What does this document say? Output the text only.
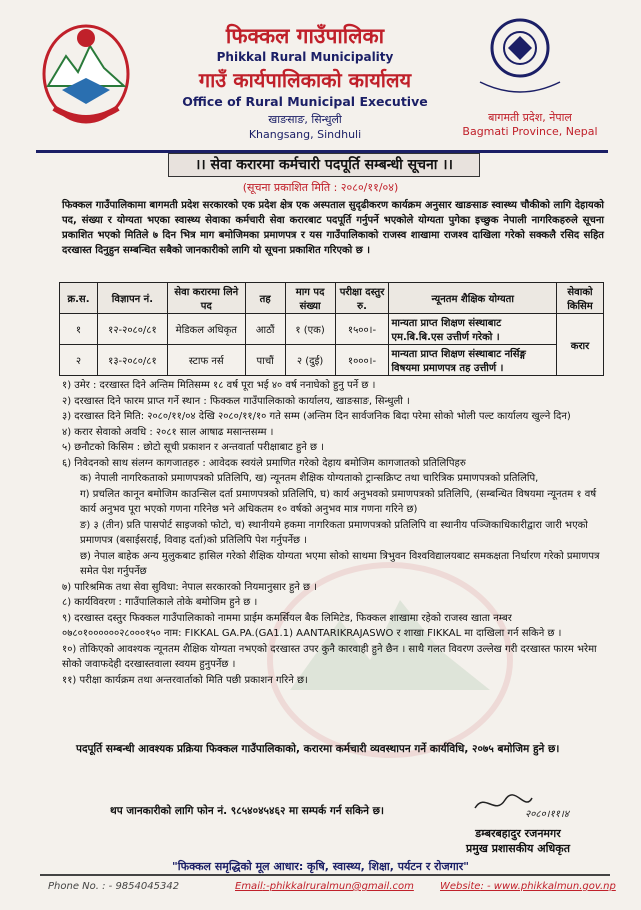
फिक्कल गाउँपालिका
Phikkal Rural Municipality
गाउँ कार्यपालिकाको कार्यालय
Office of Rural Municipal Executive
खाङसाङ, सिन्धुली
Khangsang, Sindhuli
बागमती प्रदेश, नेपाल
Bagmati Province, Nepal
।। सेवा करारमा कर्मचारी पदपूर्ति सम्बन्धी सूचना ।।
(सूचना प्रकाशित मिति : २०८०/११/०४)
फिक्कल गाउँपालिकामा बागमती प्रदेश सरकारको एक प्रदेश क्षेत्र एक अस्पताल सुदृढीकरण कार्यक्रम अनुसार खाङसाङ स्वास्थ्य चौकीको लागि देहायको पद, संख्या र योग्यता भएका स्वास्थ्य सेवाका कर्मचारी सेवा करारबाट पदपूर्ति गर्नुपर्ने भएकोले योग्यता पुगेका इच्छुक नेपाली नागरिकहरुले सूचना प्रकाशित भएको मितिले ७ दिन भित्र माग बमोजिमका प्रमाणपत्र र यस गाउँपालिकाको राजस्व शाखामा राजश्व दाखिला गरेको सक्कलै रसिद सहित दरखास्त दिनुहुन सम्बन्धित सबैको जानकारीको लागि यो सूचना प्रकाशित गरिएको छ ।
क्र.स.	विज्ञापन नं.	सेवा करारमा लिने पद	तह	माग पद संख्या	परीक्षा दस्तुर रु.	न्यूनतम शैक्षिक योग्यता	सेवाको किसिम
१	१२-२०८०/८१	मेडिकल अधिकृत	आठौं	१ (एक)	१५००।-	मान्यता प्राप्त शिक्षण संस्थाबाट एम.बि.बि.एस उत्तीर्ण गरेको ।	करार
२	१३-२०८०/८१	स्टाफ नर्स	पाचौं	२ (दुई)	१०००।-	मान्यता प्राप्त शिक्षण संस्थाबाट नर्सिङ्ग विषयमा प्रमाणपत्र तह उत्तीर्ण ।	

१) उमेर : दरखास्त दिने अन्तिम मितिसम्म १८ वर्ष पूरा भई ४० वर्ष ननाघेको हुनु पर्ने छ ।

२) दरखास्त दिने फारम प्राप्त गर्ने स्थान : फिक्कल गाउँपालिकाको कार्यालय, खाङसाङ, सिन्धुली ।

३) दरखास्त दिने मिति: २०८०/११/०४ देखि २०८०/११/१० गते सम्म (अन्तिम दिन सार्वजनिक बिदा परेमा सोको भोली पल्ट कार्यालय खुल्ने दिन)

४) करार सेवाको अवधि : २०८१ साल आषाढ मसान्तसम्म ।

५) छनौटको किसिम : छोटो सूची प्रकाशन र अन्तवार्ता परीक्षाबाट हुने छ ।

६) निवेदनको साथ संलग्न कागजातहरु : आवेदक स्वयंले प्रमाणित गरेको देहाय बमोजिम कागजातको प्रतिलिपिहरु

क) नेपाली नागरिकताको प्रमाणपत्रको प्रतिलिपि, ख) न्यूनतम शैक्षिक योग्यताको ट्रान्सक्रिप्ट तथा चारित्रिक प्रमाणपत्रको प्रतिलिपि,

ग) प्रचलित कानून बमोजिम काउन्सिल दर्ता प्रमाणपत्रको प्रतिलिपि, घ) कार्य अनुभवको प्रमाणपत्रको प्रतिलिपि, (सम्बन्धित विषयमा न्यूनतम १ वर्ष कार्य अनुभव पूरा भएको गणना गरिनेछ भने अधिकतम १० वर्षको अनुभव मात्र गणना गरिने छ)

ङ) ३ (तीन) प्रति पासपोर्ट साइजको फोटो, च) स्थानीयमे हकमा नागरिकता प्रमाणपत्रको प्रतिलिपि वा स्थानीय पञ्जिकाधिकारीद्वारा जारी भएको प्रमाणपत्र (बसाईसराई, विवाह दर्ता)को प्रतिलिपि पेश गर्नुपर्नेछ ।

छ) नेपाल बाहेक अन्य मुलुकबाट हासिल गरेको शैक्षिक योग्यता भएमा सोको साथमा त्रिभुवन विश्वविद्यालयबाट समकक्षता निर्धारण गरेको प्रमाणपत्र समेत पेश गर्नुपर्नेछ

७) पारिश्रमिक तथा सेवा सुविधा: नेपाल सरकारको नियमानुसार हुने छ ।

८) कार्यविवरण : गाउँपालिकाले तोके बमोजिम हुने छ ।

९) दरखास्त दस्तुर फिक्कल गाउँपालिकाको नाममा प्राईम कमर्सियल बैक लिमिटेड, फिक्कल शाखामा रहेको राजस्व खाता नम्बर ०७८०१००००००२८०००१५० नाम: FIKKAL GA.PA.(GA1.1) AANTARIKRAJASWO र शाखा FIKKAL मा दाखिला गर्न सकिने छ ।

१०) तोकिएको आवश्यक न्यूनतम शैक्षिक योग्यता नभएको दरखास्त उपर कुनै कारवाही हुने छैन । साथै गलत विवरण उल्लेख गरी दरखास्त फारम भरेमा सोको जवाफदेही दरखास्तवाला स्वयम हुनुपर्नेछ ।

११) परीक्षा कार्यक्रम तथा अन्तरवार्ताको मिति पछी प्रकाशन गरिने छ।

पदपूर्ति सम्बन्धी आवश्यक प्रक्रिया फिक्कल गाउँपालिकाको, करारमा कर्मचारी व्यवस्थापन गर्ने कार्यविधि, २०७५ बमोजिम हुने छ।
थप जानकारीको लागि फोन नं. ९८५४०४५४६२ मा सम्पर्क गर्न सकिने छ।	२०८०।११।४
डम्बरबहादुर रजनमगर
प्रमुख प्रशासकीय अधिकृत
"फिक्कल समृद्धिको मूल आधार: कृषि, स्वास्थ्य, शिक्षा, पर्यटन र रोजगार"
Phone No. : - 9854045342	Email:-phikkalruralmun@gmail.com	Website: - www.phikkalmun.gov.np
